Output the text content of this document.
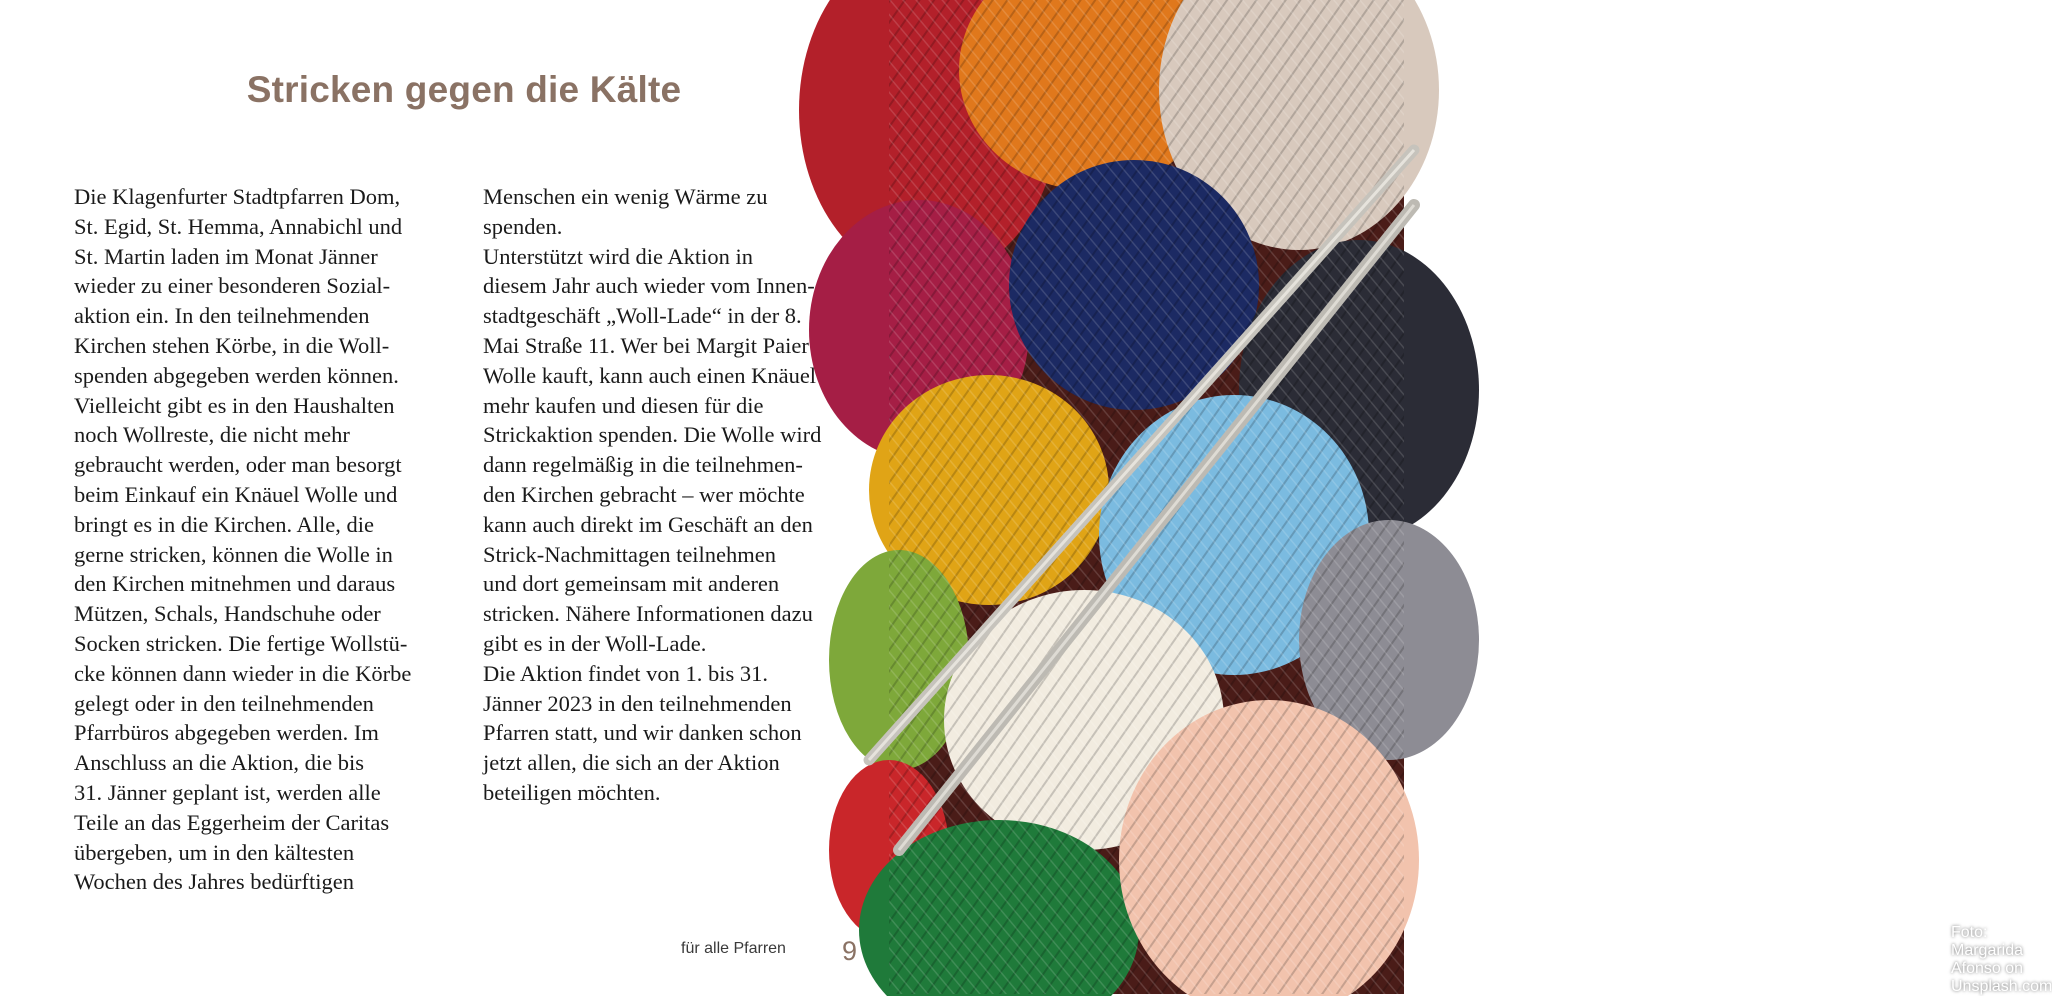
Stricken gegen die Kälte
Die Klagenfurter Stadtpfarren Dom,
St. Egid, St. Hemma, Annabichl und
St. Martin laden im Monat Jänner
wieder zu einer besonderen Sozial-
aktion ein. In den teilnehmenden
Kirchen stehen Körbe, in die Woll-
spenden abgegeben werden können.
Vielleicht gibt es in den Haushalten
noch Wollreste, die nicht mehr
gebraucht werden, oder man besorgt
beim Einkauf ein Knäuel Wolle und
bringt es in die Kirchen. Alle, die
gerne stricken, können die Wolle in
den Kirchen mitnehmen und daraus
Mützen, Schals, Handschuhe oder
Socken stricken. Die fertige Wollstü-
cke können dann wieder in die Körbe
gelegt oder in den teilnehmenden
Pfarrbüros abgegeben werden. Im
Anschluss an die Aktion, die bis
31. Jänner geplant ist, werden alle
Teile an das Eggerheim der Caritas
übergeben, um in den kältesten
Wochen des Jahres bedürftigen
Menschen ein wenig Wärme zu
spenden.
Unterstützt wird die Aktion in
diesem Jahr auch wieder vom Innen-
stadtgeschäft „Woll-Lade“ in der 8.
Mai Straße 11. Wer bei Margit Paier
Wolle kauft, kann auch einen Knäuel
mehr kaufen und diesen für die
Strickaktion spenden. Die Wolle wird
dann regelmäßig in die teilnehmen-
den Kirchen gebracht – wer möchte
kann auch direkt im Geschäft an den
Strick-Nachmittagen teilnehmen
und dort gemeinsam mit anderen
stricken. Nähere Informationen dazu
gibt es in der Woll-Lade.
Die Aktion findet von 1. bis 31.
Jänner 2023 in den teilnehmenden
Pfarren statt, und wir danken schon
jetzt allen, die sich an der Aktion
beteiligen möchten.
für alle Pfarren 9
Foto: Margarida Afonso on Unsplash.com
